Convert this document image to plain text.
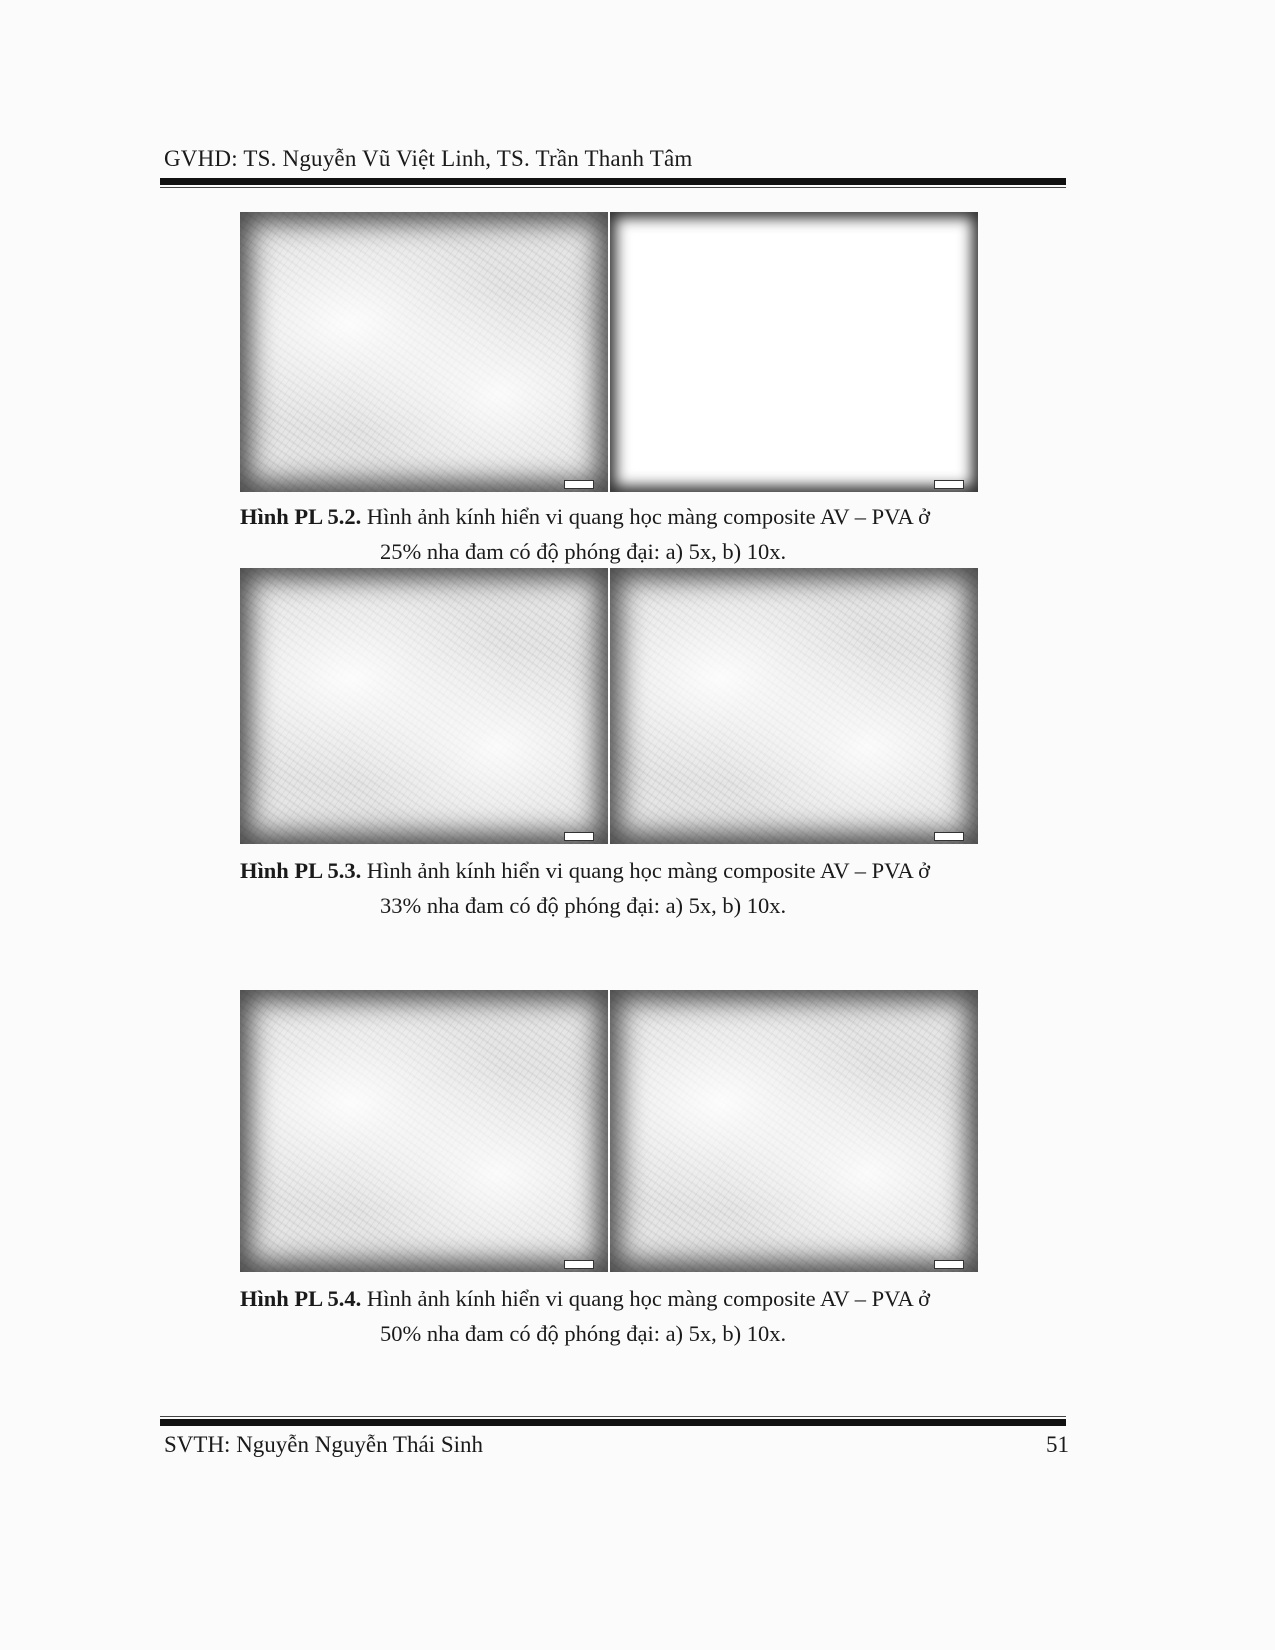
GVHD: TS. Nguyễn Vũ Việt Linh, TS. Trần Thanh Tâm
Hình PL 5.2. Hình ảnh kính hiển vi quang học màng composite AV – PVA ở
25% nha đam có độ phóng đại: a) 5x, b) 10x.
Hình PL 5.3. Hình ảnh kính hiển vi quang học màng composite AV – PVA ở
33% nha đam có độ phóng đại: a) 5x, b) 10x.
Hình PL 5.4. Hình ảnh kính hiển vi quang học màng composite AV – PVA ở
50% nha đam có độ phóng đại: a) 5x, b) 10x.
SVTH: Nguyễn Nguyễn Thái Sinh	51
